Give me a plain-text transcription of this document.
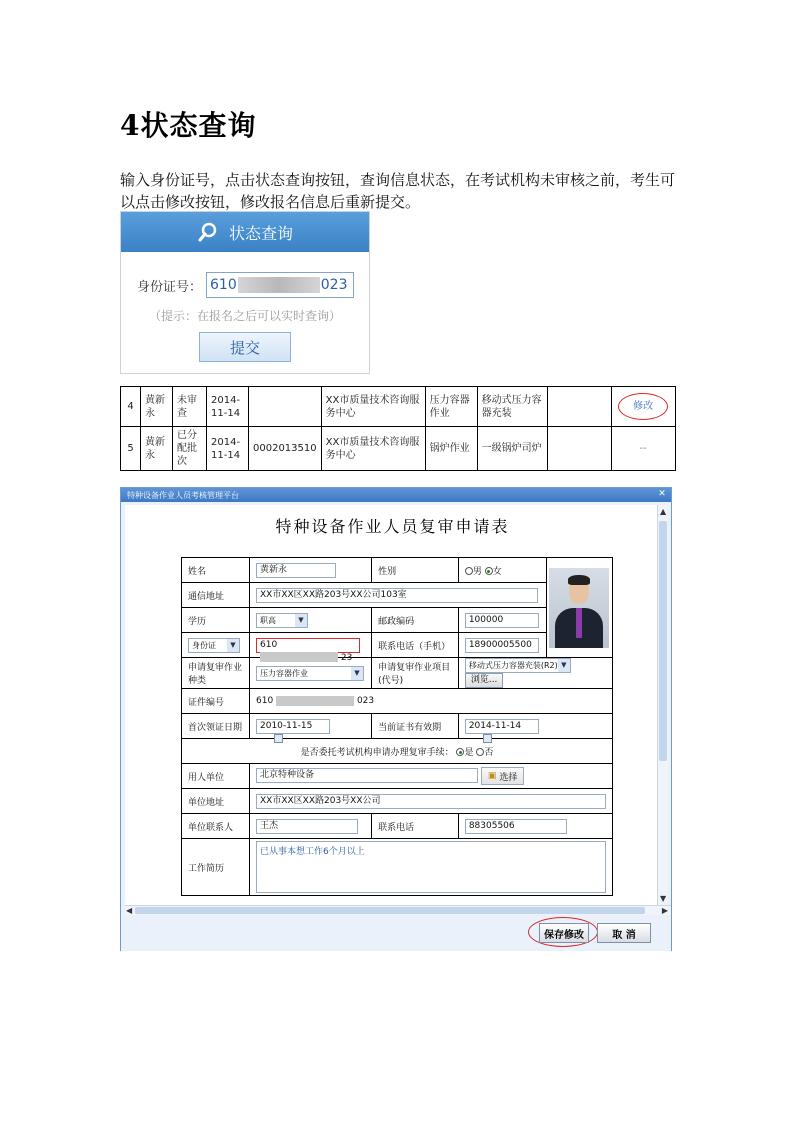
4状态查询
输入身份证号，点击状态查询按钮，查询信息状态，在考试机构未审核之前，考生可以点击修改按钮，修改报名信息后重新提交。
状态查询
身份证号： 610	023
（提示：在报名之后可以实时查询）
提交
4	黄新永	未审查	2014-11-14		XX市质量技术咨询服务中心	压力容器作业	移动式压力容器充装		修改
5	黄新永	已分配批次	2014-11-14	0002013510	XX市质量技术咨询服务中心	锅炉作业	一级锅炉司炉		--
特种设备作业人员考核管理平台	✕
特种设备作业人员复审申请表
姓名	黄新永	性别	男 女	

通信地址	XX市XX区XX路203号XX公司103室			
学历	职高 ▼	邮政编码	100000	

身份证 ▼	610  23	联系电话（手机）	18900005500	
申请复审作业种类	压力容器作业 ▼	申请复审作业项目(代号)	移动式压力容器充装(R2) ▼
浏览...	
证件编号	610 023			
首次领证日期	2010-11-15	当前证书有效期	2014-11-14	
是否委托考试机构申请办理复审手续： 是 否				
用人单位	北京特种设备 ▣ 选择			

单位地址	XX市XX区XX路203号XX公司			
单位联系人	王杰	联系电话	88305506	
工作简历	已从事本想工作6个月以上			
▲
▼
◀	▶
保存修改	取 消
